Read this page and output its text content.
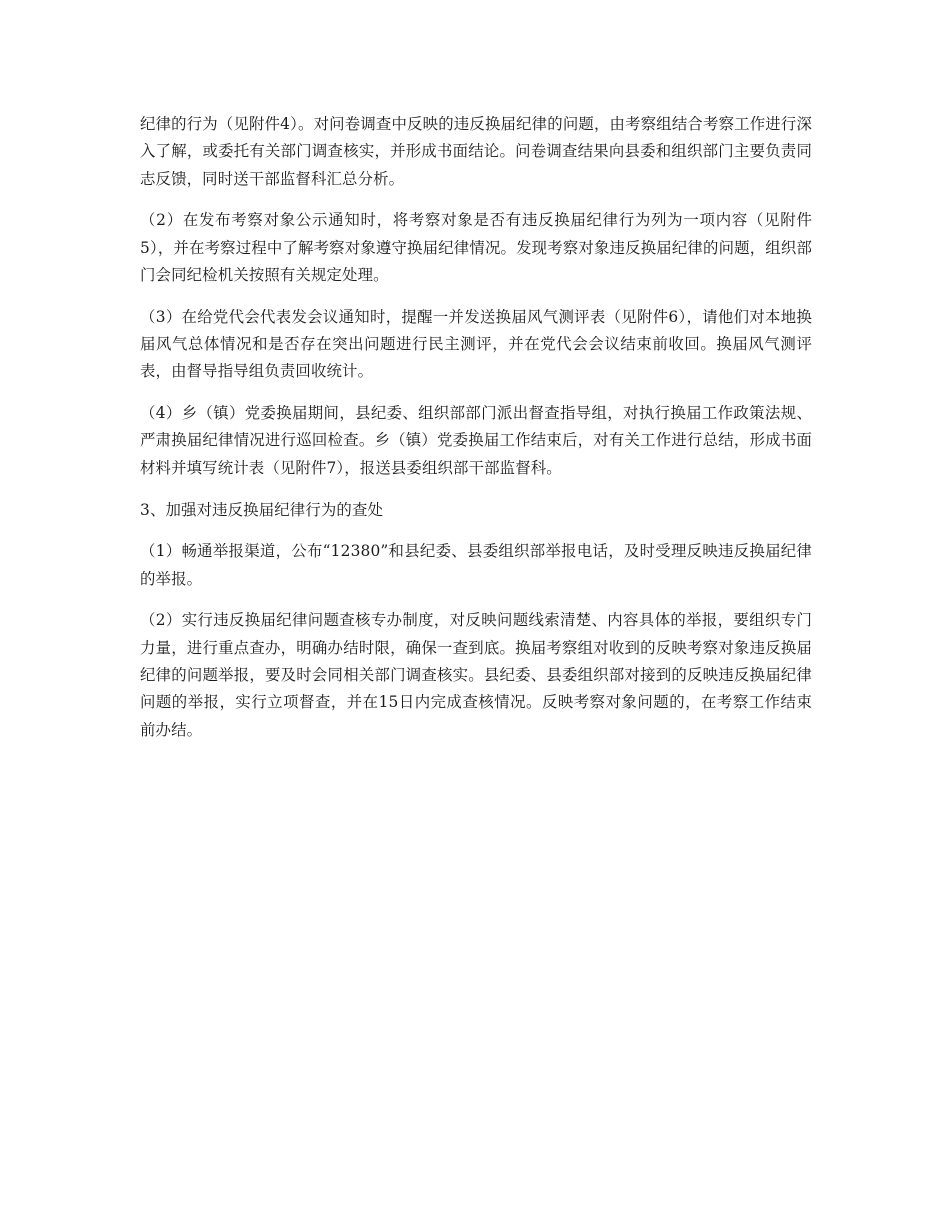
纪律的行为（见附件4）。对问卷调查中反映的违反换届纪律的问题，由考察组结合考察工作进行深入了解，或委托有关部门调查核实，并形成书面结论。问卷调查结果向县委和组织部门主要负责同志反馈，同时送干部监督科汇总分析。

（2）在发布考察对象公示通知时，将考察对象是否有违反换届纪律行为列为一项内容（见附件5），并在考察过程中了解考察对象遵守换届纪律情况。发现考察对象违反换届纪律的问题，组织部门会同纪检机关按照有关规定处理。

（3）在给党代会代表发会议通知时，提醒一并发送换届风气测评表（见附件6），请他们对本地换届风气总体情况和是否存在突出问题进行民主测评，并在党代会会议结束前收回。换届风气测评表，由督导指导组负责回收统计。

（4）乡（镇）党委换届期间，县纪委、组织部部门派出督查指导组，对执行换届工作政策法规、严肃换届纪律情况进行巡回检查。乡（镇）党委换届工作结束后，对有关工作进行总结，形成书面材料并填写统计表（见附件7），报送县委组织部干部监督科。

3、加强对违反换届纪律行为的查处

（1）畅通举报渠道，公布“12380”和县纪委、县委组织部举报电话，及时受理反映违反换届纪律的举报。

（2）实行违反换届纪律问题查核专办制度，对反映问题线索清楚、内容具体的举报，要组织专门力量，进行重点查办，明确办结时限，确保一查到底。换届考察组对收到的反映考察对象违反换届纪律的问题举报，要及时会同相关部门调查核实。县纪委、县委组织部对接到的反映违反换届纪律问题的举报，实行立项督查，并在15日内完成查核情况。反映考察对象问题的，在考察工作结束前办结。
